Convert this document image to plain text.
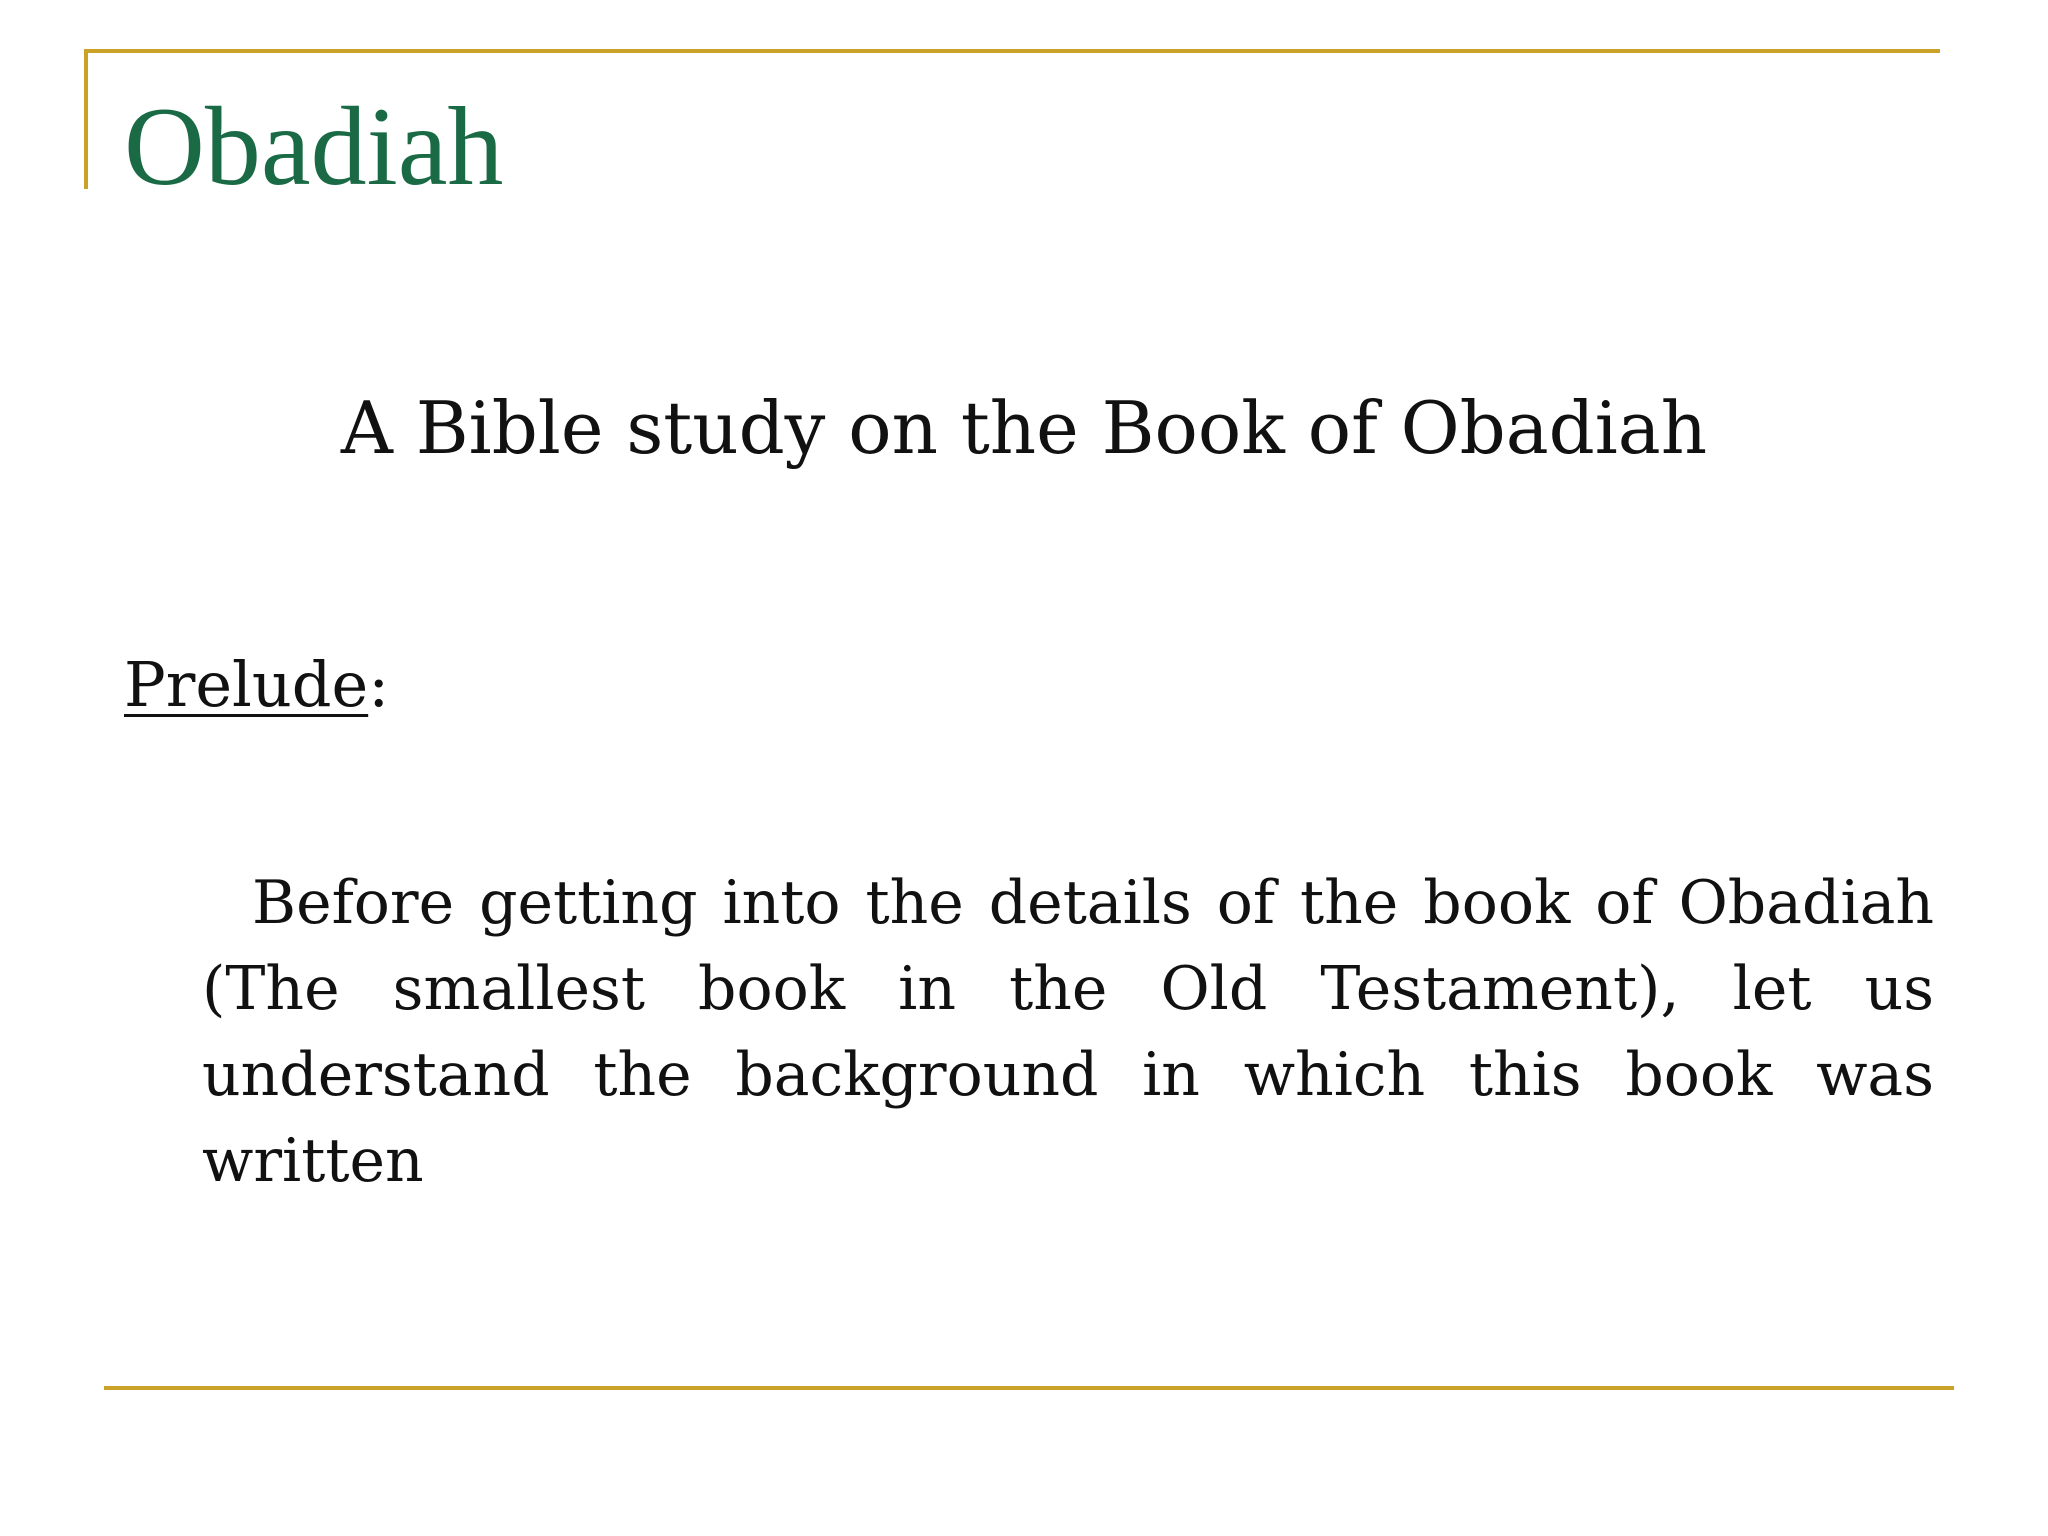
Obadiah
A Bible study on the Book of Obadiah

Prelude:

Before getting into the details of the book of Obadiah (The smallest book in the Old Testament), let us understand the background in which this book was written
